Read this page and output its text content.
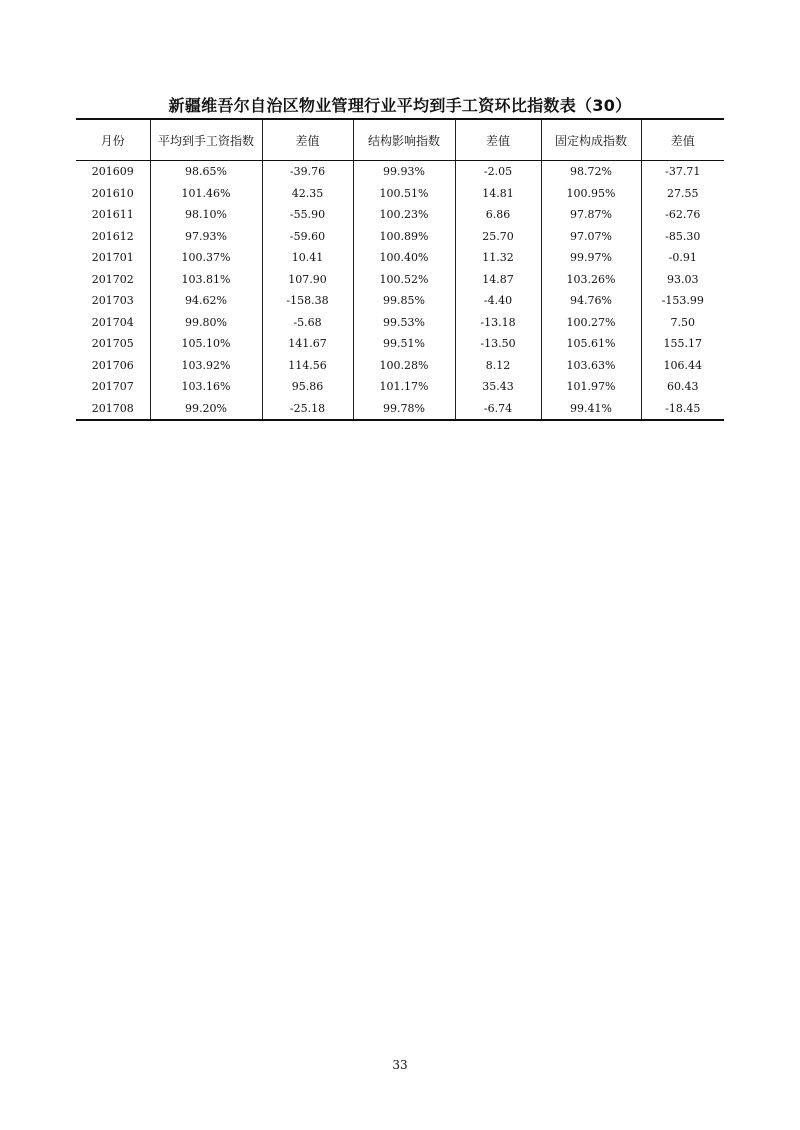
新疆维吾尔自治区物业管理行业平均到手工资环比指数表（30）
月份	平均到手工资指数	差值	结构影响指数	差值	固定构成指数	差值
201609	98.65%	-39.76	99.93%	-2.05	98.72%	-37.71
201610	101.46%	42.35	100.51%	14.81	100.95%	27.55
201611	98.10%	-55.90	100.23%	6.86	97.87%	-62.76
201612	97.93%	-59.60	100.89%	25.70	97.07%	-85.30
201701	100.37%	10.41	100.40%	11.32	99.97%	-0.91
201702	103.81%	107.90	100.52%	14.87	103.26%	93.03
201703	94.62%	-158.38	99.85%	-4.40	94.76%	-153.99
201704	99.80%	-5.68	99.53%	-13.18	100.27%	7.50
201705	105.10%	141.67	99.51%	-13.50	105.61%	155.17
201706	103.92%	114.56	100.28%	8.12	103.63%	106.44
201707	103.16%	95.86	101.17%	35.43	101.97%	60.43
201708	99.20%	-25.18	99.78%	-6.74	99.41%	-18.45
33
